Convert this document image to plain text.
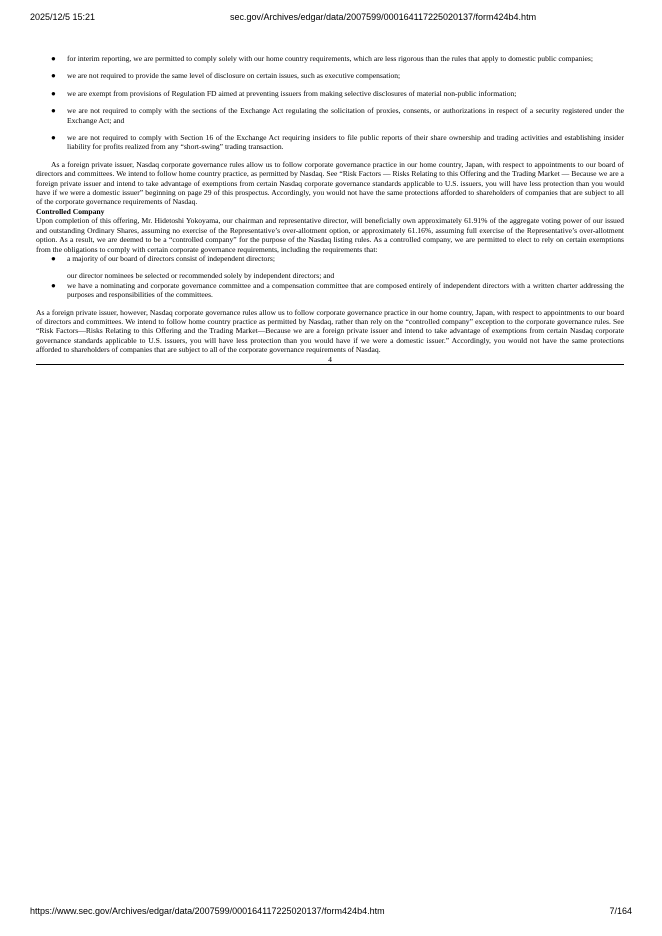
2025/12/5 15:21	sec.gov/Archives/edgar/data/2007599/000164117225020137/form424b4.htm
● for interim reporting, we are permitted to comply solely with our home country requirements, which are less rigorous than the rules that apply to domestic public companies;

● we are not required to provide the same level of disclosure on certain issues, such as executive compensation;

● we are exempt from provisions of Regulation FD aimed at preventing issuers from making selective disclosures of material non-public information;

● we are not required to comply with the sections of the Exchange Act regulating the solicitation of proxies, consents, or authorizations in respect of a security registered under the Exchange Act; and

● we are not required to comply with Section 16 of the Exchange Act requiring insiders to file public reports of their share ownership and trading activities and establishing insider liability for profits realized from any “short-swing” trading transaction.

As a foreign private issuer, Nasdaq corporate governance rules allow us to follow corporate governance practice in our home country, Japan, with respect to appointments to our board of directors and committees. We intend to follow home country practice, as permitted by Nasdaq. See “Risk Factors — Risks Relating to this Offering and the Trading Market — Because we are a foreign private issuer and intend to take advantage of exemptions from certain Nasdaq corporate governance standards applicable to U.S. issuers, you will have less protection than you would have if we were a domestic issuer” beginning on page 29 of this prospectus. Accordingly, you would not have the same protections afforded to shareholders of companies that are subject to all of the corporate governance requirements of Nasdaq.

Controlled Company

Upon completion of this offering, Mr. Hidetoshi Yokoyama, our chairman and representative director, will beneficially own approximately 61.91% of the aggregate voting power of our issued and outstanding Ordinary Shares, assuming no exercise of the Representative’s over-allotment option, or approximately 61.16%, assuming full exercise of the Representative’s over-allotment option. As a result, we are deemed to be a “controlled company” for the purpose of the Nasdaq listing rules. As a controlled company, we are permitted to elect to rely on certain exemptions from the obligations to comply with certain corporate governance requirements, including the requirements that:

● a majority of our board of directors consist of independent directors;

our director nominees be selected or recommended solely by independent directors; and

● we have a nominating and corporate governance committee and a compensation committee that are composed entirely of independent directors with a written charter addressing the purposes and responsibilities of the committees.

As a foreign private issuer, however, Nasdaq corporate governance rules allow us to follow corporate governance practice in our home country, Japan, with respect to appointments to our board of directors and committees. We intend to follow home country practice as permitted by Nasdaq, rather than rely on the “controlled company” exception to the corporate governance rules. See “Risk Factors—Risks Relating to this Offering and the Trading Market—Because we are a foreign private issuer and intend to take advantage of exemptions from certain Nasdaq corporate governance standards applicable to U.S. issuers, you will have less protection than you would have if we were a domestic issuer.” Accordingly, you would not have the same protections afforded to shareholders of companies that are subject to all of the corporate governance requirements of Nasdaq.

4

https://www.sec.gov/Archives/edgar/data/2007599/000164117225020137/form424b4.htm	7/164
